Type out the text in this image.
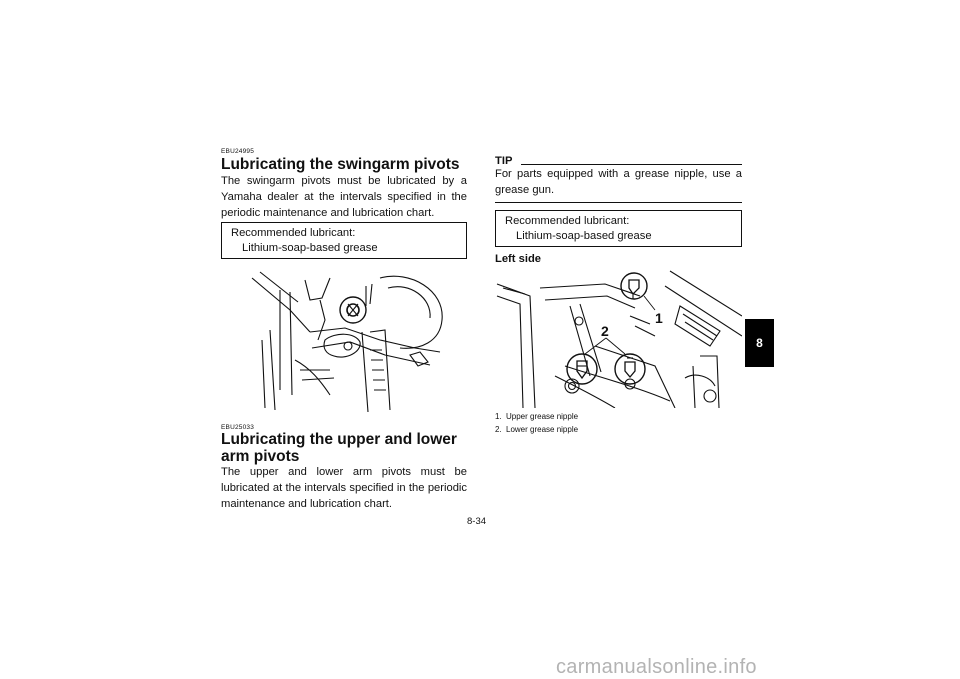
EBU24995
Lubricating the swingarm pivots

The swingarm pivots must be lubricated by a Yamaha dealer at the intervals specified in the periodic maintenance and lubrication chart.

Recommended lubricant:
Lithium-soap-based grease
EBU25033
Lubricating the upper and lower arm pivots

The upper and lower arm pivots must be lubricated at the intervals specified in the periodic maintenance and lubrication chart.

TIP

For parts equipped with a grease nipple, use a grease gun.

Recommended lubricant:
Lithium-soap-based grease
Left side
1
2
1. Upper grease nipple
2. Lower grease nipple
8-34
8
carmanualsonline.info
